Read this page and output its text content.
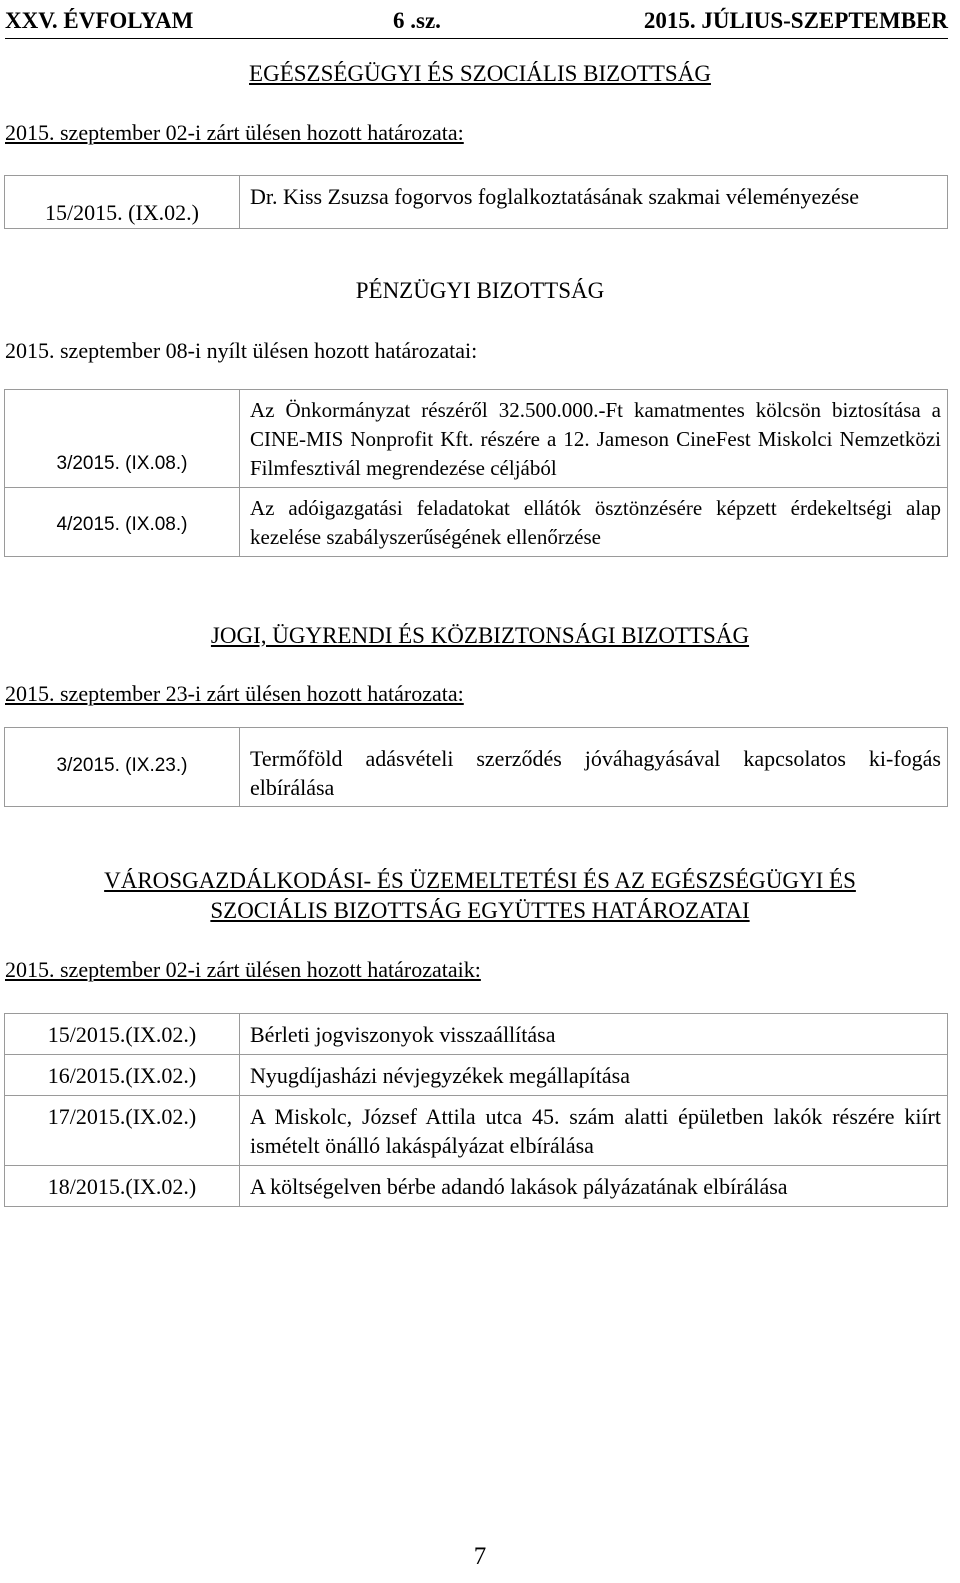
XXV. ÉVFOLYAM	6 .sz.	2015. JÚLIUS-SZEPTEMBER
EGÉSZSÉGÜGYI ÉS SZOCIÁLIS BIZOTTSÁG
2015. szeptember 02-i zárt ülésen hozott határozata:
15/2015. (IX.02.)	Dr. Kiss Zsuzsa fogorvos foglalkoztatásának szakmai véleményezése
PÉNZÜGYI BIZOTTSÁG
2015. szeptember 08-i nyílt ülésen hozott határozatai:
3/2015. (IX.08.)	Az Önkormányzat részéről 32.500.000.-Ft kamatmentes kölcsön biztosítása a CINE-MIS Nonprofit Kft. részére a 12. Jameson CineFest Miskolci Nemzetközi Filmfesztivál megrendezése céljából
4/2015. (IX.08.)	Az adóigazgatási feladatokat ellátók ösztönzésére képzett érdekeltségi alap kezelése szabályszerűségének ellenőrzése
JOGI, ÜGYRENDI ÉS KÖZBIZTONSÁGI BIZOTTSÁG
2015. szeptember 23-i zárt ülésen hozott határozata:
3/2015. (IX.23.)	Termőföld adásvételi szerződés jóváhagyásával kapcsolatos ki-fogás elbírálása
VÁROSGAZDÁLKODÁSI- ÉS ÜZEMELTETÉSI ÉS AZ EGÉSZSÉGÜGYI ÉS
SZOCIÁLIS BIZOTTSÁG EGYÜTTES HATÁROZATAI
2015. szeptember 02-i zárt ülésen hozott határozataik:
15/2015.(IX.02.)	Bérleti jogviszonyok visszaállítása
16/2015.(IX.02.)	Nyugdíjasházi névjegyzékek megállapítása
17/2015.(IX.02.)	A Miskolc, József Attila utca 45. szám alatti épületben lakók részére kiírt ismételt önálló lakáspályázat elbírálása
18/2015.(IX.02.)	A költségelven bérbe adandó lakások pályázatának elbírálása
7
